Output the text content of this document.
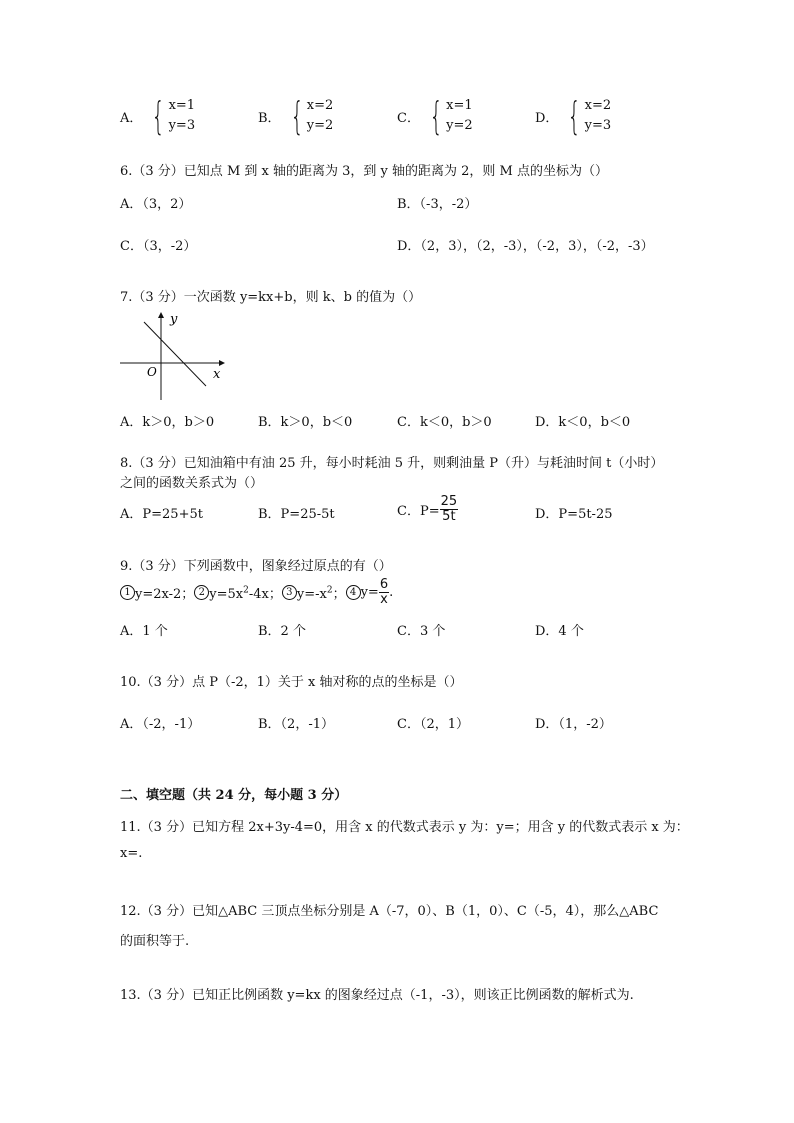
A． { x=1
y=3	B． { x=2
y=2	C． { x=1
y=2	D． { x=2
y=3
6.（3 分）已知点 M 到 x 轴的距离为 3，到 y 轴的距离为 2，则 M 点的坐标为（）
A．（3，2）	B．（-3，-2）
C．（3，-2）	D．（2，3），（2，-3），（-2，3），（-2，-3）
7.（3 分）一次函数 y=kx+b，则 k、b 的值为（）
y
x
O
A．k＞0，b＞0	B．k＞0，b＜0	C．k＜0，b＞0	D．k＜0，b＜0
8.（3 分）已知油箱中有油 25 升，每小时耗油 5 升，则剩油量 P（升）与耗油时间 t（小时）
之间的函数关系式为（）
A．P=25+5t	B．P=25-5t	C．$P= \frac{25}{5t}$	D．P=5t-25
9.（3 分）下列函数中，图象经过原点的有（）
1 y=2x-2； 2 $y=5x^2-4x$； 3 $y=-x^2$； 4 $y= \frac{6}{x}$ .
A．1 个	B．2 个	C．3 个	D．4 个
10.（3 分）点 P（-2，1）关于 x 轴对称的点的坐标是（）
A．（-2，-1）	B．（2，-1）	C．（2，1）	D．（1，-2）
二、填空题（共 24 分，每小题 3 分）
11.（3 分）已知方程 2x+3y-4=0，用含 x 的代数式表示 y 为：y=；用含 y 的代数式表示 x 为：
x=.
12.（3 分）已知△ABC 三顶点坐标分别是 A（-7，0）、B（1，0）、C（-5，4），那么△ABC
的面积等于.
13.（3 分）已知正比例函数 y=kx 的图象经过点（-1，-3），则该正比例函数的解析式为.
